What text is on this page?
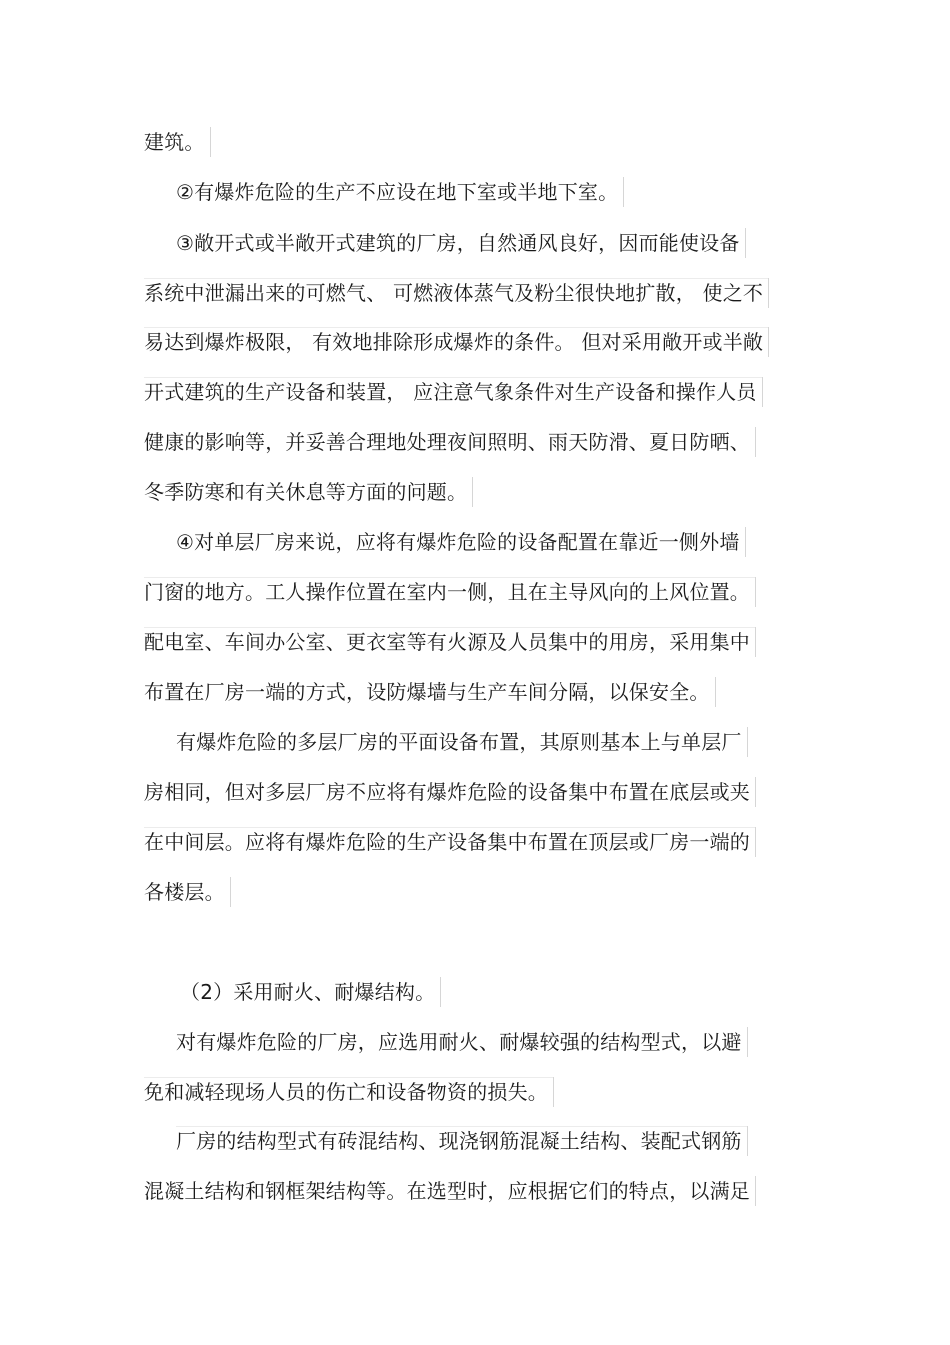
建筑。
②有爆炸危险的生产不应设在地下室或半地下室。
③敞开式或半敞开式建筑的厂房，自然通风良好，因而能使设备
系统中泄漏出来的可燃气、 可燃液体蒸气及粉尘很快地扩散， 使之不
易达到爆炸极限， 有效地排除形成爆炸的条件。 但对采用敞开或半敞
开式建筑的生产设备和装置， 应注意气象条件对生产设备和操作人员
健康的影响等，并妥善合理地处理夜间照明、雨天防滑、夏日防晒、
冬季防寒和有关休息等方面的问题。
④对单层厂房来说，应将有爆炸危险的设备配置在靠近一侧外墙
门窗的地方。工人操作位置在室内一侧，且在主导风向的上风位置。
配电室、车间办公室、更衣室等有火源及人员集中的用房，采用集中
布置在厂房一端的方式，设防爆墙与生产车间分隔，以保安全。
有爆炸危险的多层厂房的平面设备布置，其原则基本上与单层厂
房相同，但对多层厂房不应将有爆炸危险的设备集中布置在底层或夹
在中间层。应将有爆炸危险的生产设备集中布置在顶层或厂房一端的
各楼层。
（2）采用耐火、耐爆结构。
对有爆炸危险的厂房，应选用耐火、耐爆较强的结构型式，以避
免和减轻现场人员的伤亡和设备物资的损失。
厂房的结构型式有砖混结构、现浇钢筋混凝土结构、装配式钢筋
混凝土结构和钢框架结构等。在选型时，应根据它们的特点，以满足
